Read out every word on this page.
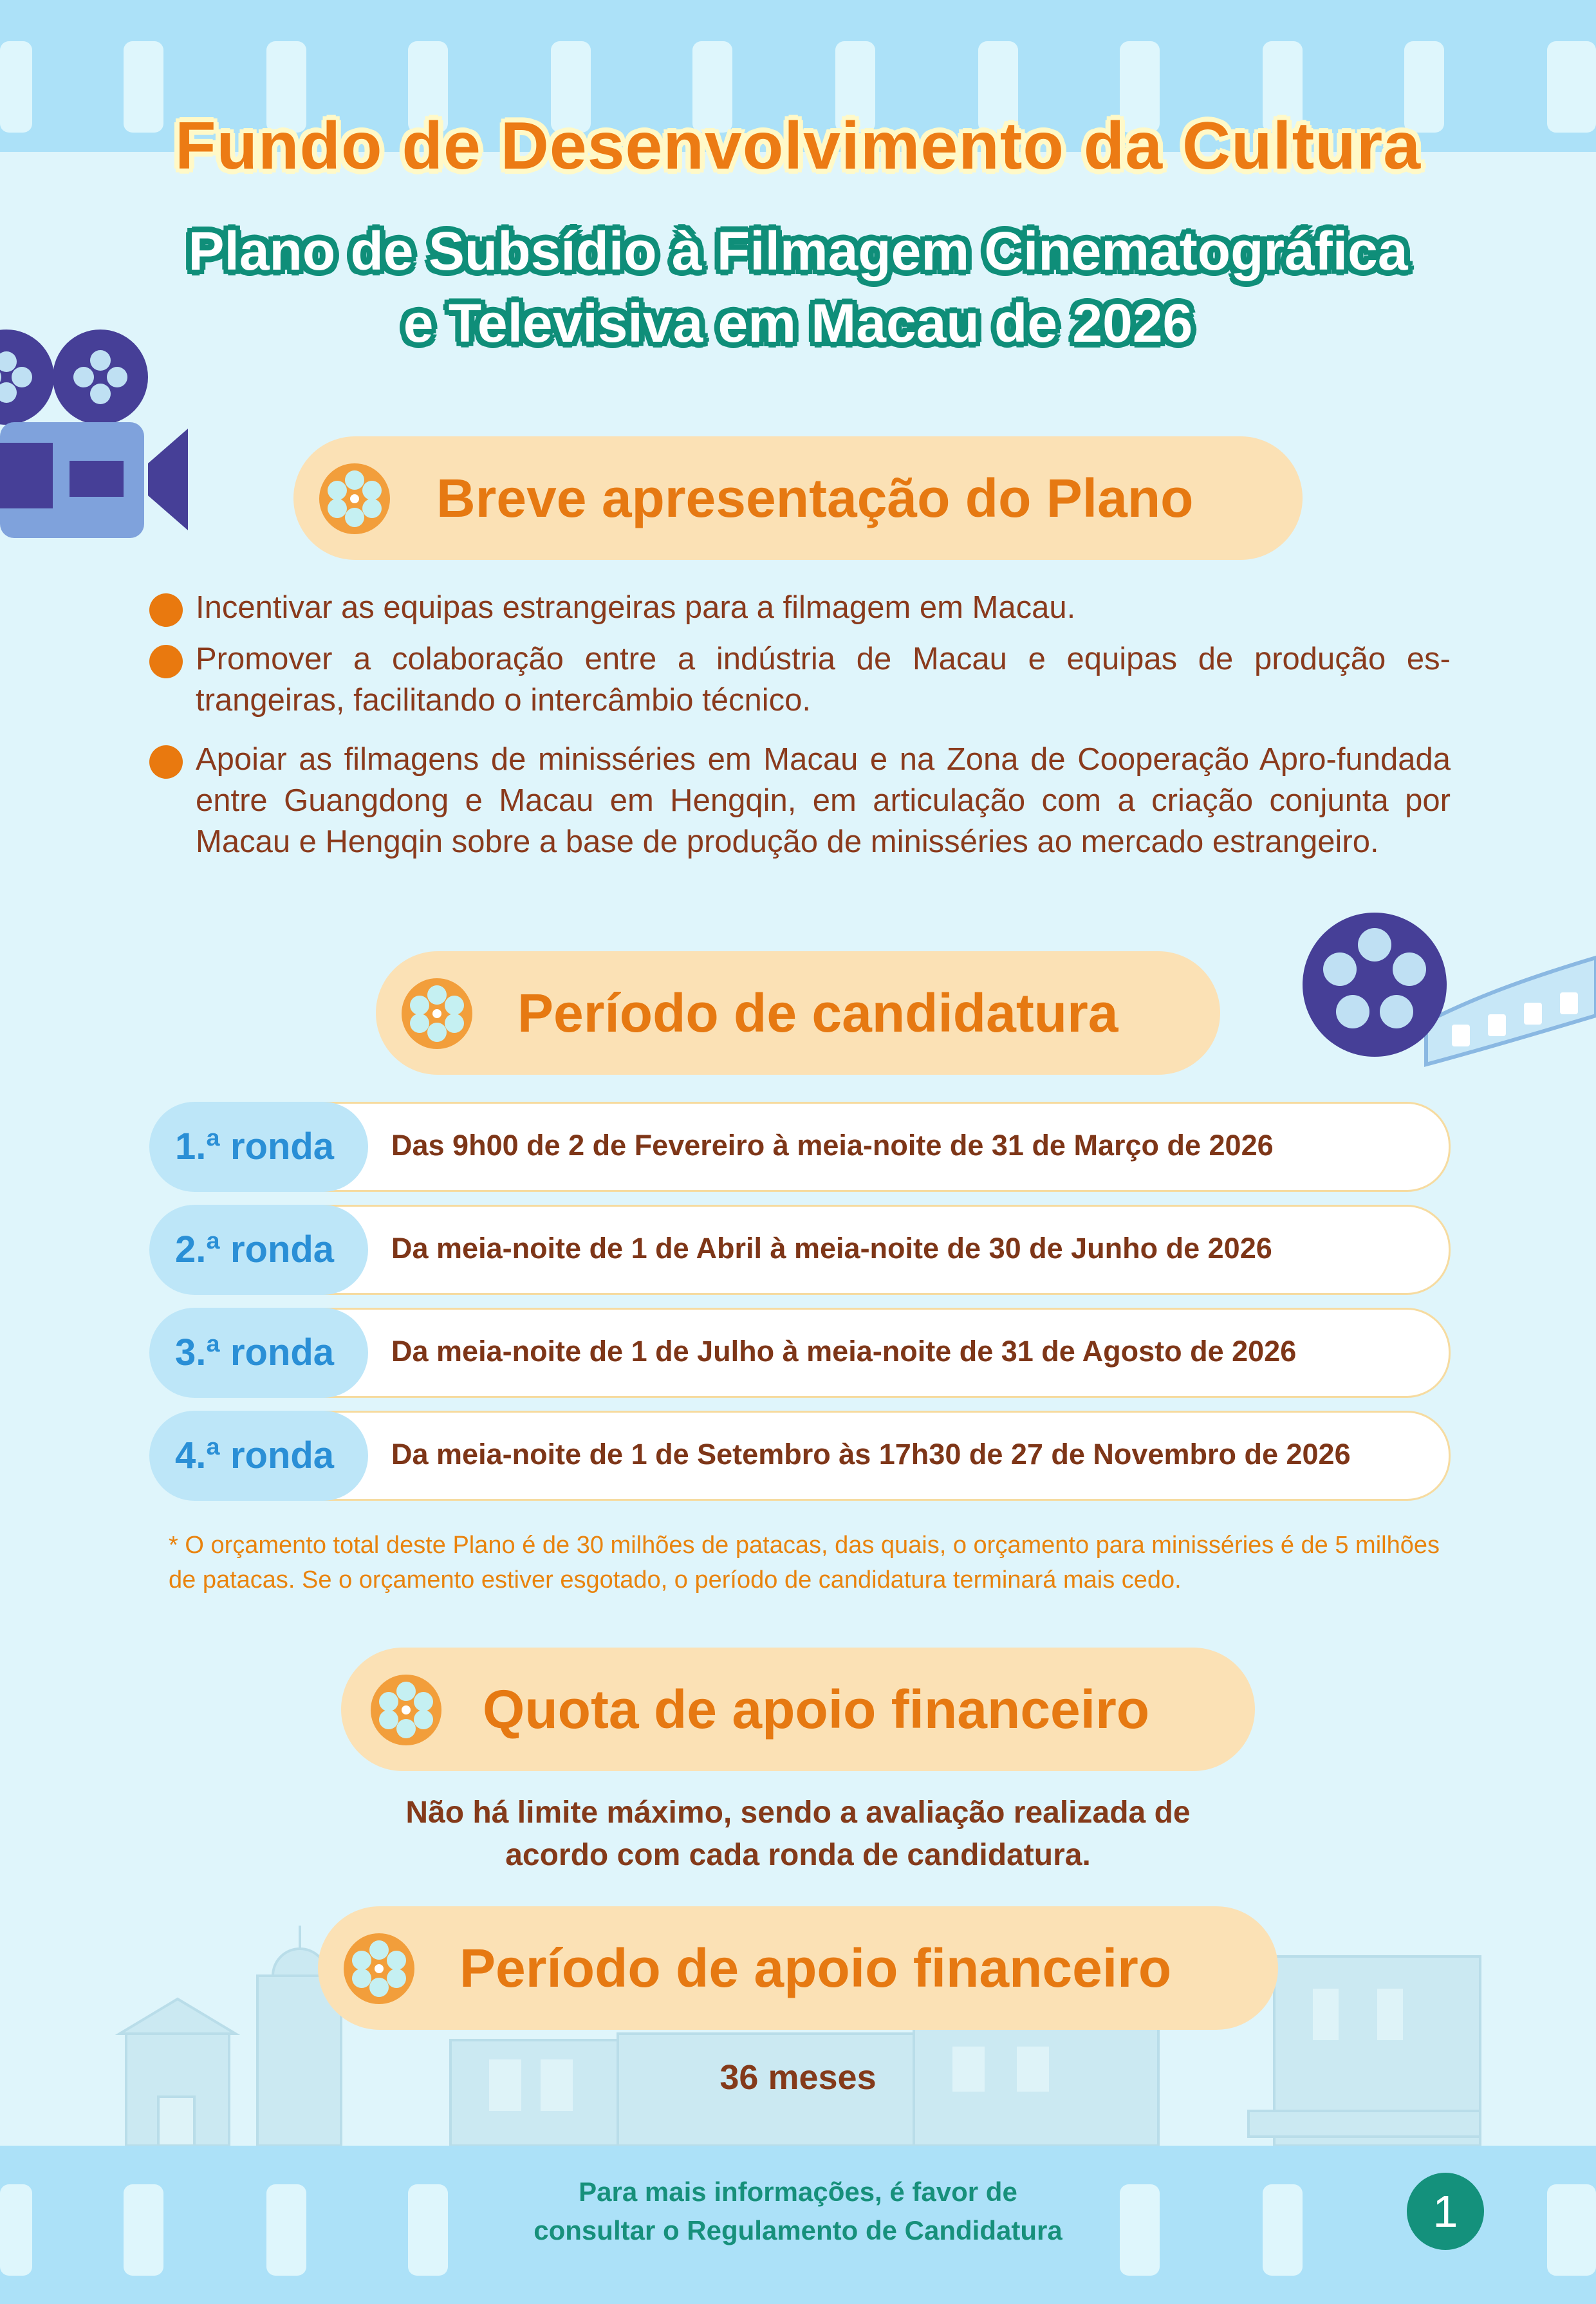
Fundo de Desenvolvimento da Cultura
Plano de Subsídio à Filmagem Cinematográfica
e Televisiva em Macau de 2026
Breve apresentação do Plano
Incentivar as equipas estrangeiras para a filmagem em Macau.
Promover a colaboração entre a indústria de Macau e equipas de produção es-trangeiras, facilitando o intercâmbio técnico.
Apoiar as filmagens de minisséries em Macau e na Zona de Cooperação Apro-fundada entre Guangdong e Macau em Hengqin, em articulação com a criação conjunta por Macau e Hengqin sobre a base de produção de minisséries ao mercado estrangeiro.
Período de candidatura
1.ª ronda Das 9h00 de 2 de Fevereiro à meia-noite de 31 de Março de 2026
2.ª ronda Da meia-noite de 1 de Abril à meia-noite de 30 de Junho de 2026
3.ª ronda Da meia-noite de 1 de Julho à meia-noite de 31 de Agosto de 2026
4.ª ronda Da meia-noite de 1 de Setembro às 17h30 de 27 de Novembro de 2026
* O orçamento total deste Plano é de 30 milhões de patacas, das quais, o orçamento para minisséries é de 5 milhões de patacas. Se o orçamento estiver esgotado, o período de candidatura terminará mais cedo.
Quota de apoio financeiro
Não há limite máximo, sendo a avaliação realizada de
acordo com cada ronda de candidatura.
Período de apoio financeiro
36 meses
Para mais informações, é favor de
consultar o Regulamento de Candidatura	1
